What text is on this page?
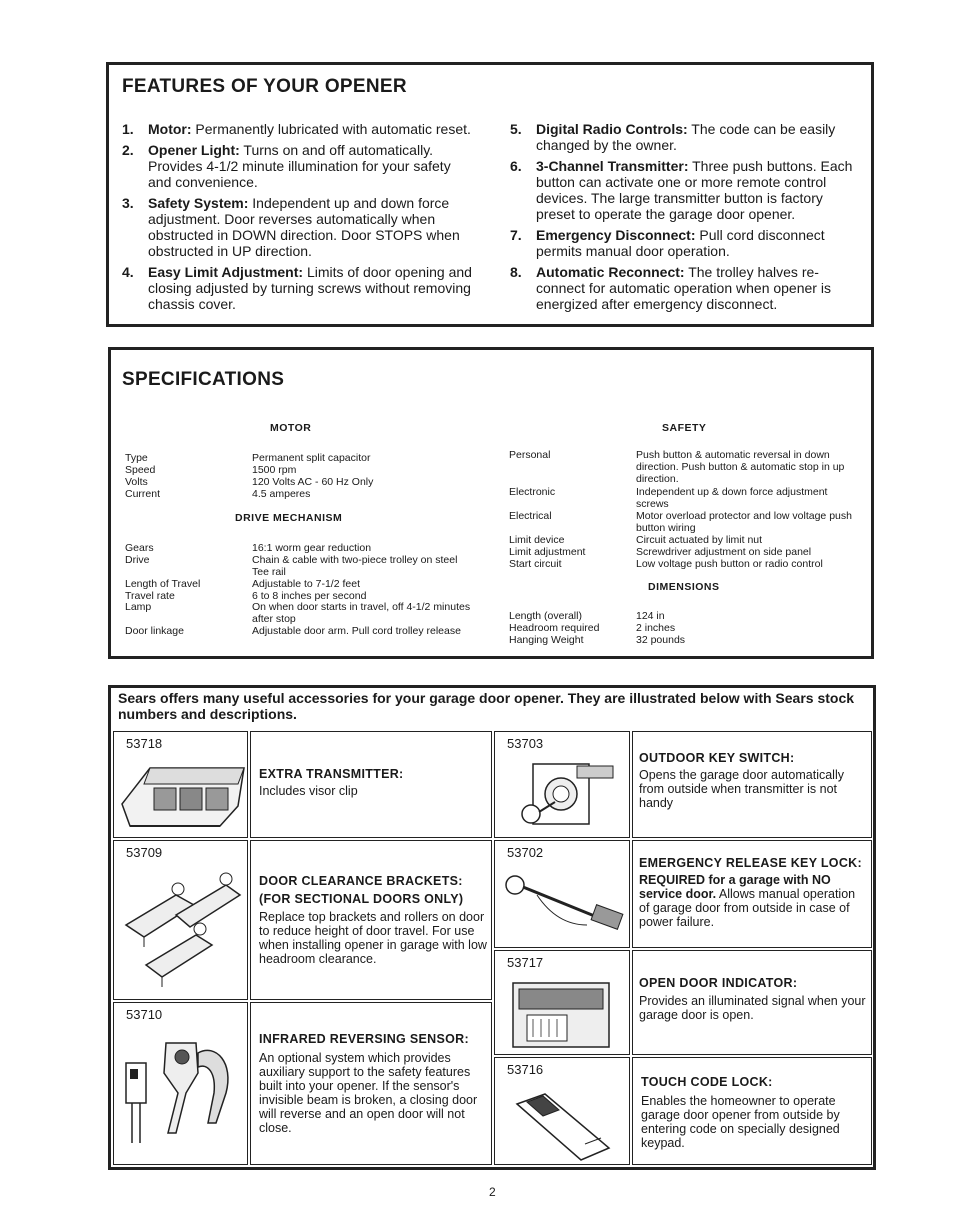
FEATURES OF YOUR OPENER
1. Motor: Permanently lubricated with automatic reset.
2. Opener Light: Turns on and off automatically. Provides 4-1/2 minute illumination for your safety and convenience.
3. Safety System: Independent up and down force adjustment. Door reverses automatically when obstructed in DOWN direction. Door STOPS when obstructed in UP direction.
4. Easy Limit Adjustment: Limits of door opening and closing adjusted by turning screws without removing chassis cover.
5. Digital Radio Controls: The code can be easily changed by the owner.
6. 3-Channel Transmitter: Three push buttons. Each button can activate one or more remote control devices. The large transmitter button is factory preset to operate the garage door opener.
7. Emergency Disconnect: Pull cord disconnect permits manual door operation.
8. Automatic Reconnect: The trolley halves re-connect for automatic operation when opener is energized after emergency disconnect.
SPECIFICATIONS
MOTOR
Type	Permanent split capacitor
Speed	1500 rpm
Volts	120 Volts AC - 60 Hz Only
Current	4.5 amperes
DRIVE MECHANISM
Gears	16:1 worm gear reduction
Drive	Chain & cable with two-piece trolley on steel Tee rail
Length of Travel	Adjustable to 7-1/2 feet
Travel rate	6 to 8 inches per second
Lamp	On when door starts in travel, off 4-1/2 minutes after stop
Door linkage	Adjustable door arm. Pull cord trolley release
SAFETY
Personal	Push button & automatic reversal in down direction. Push button & automatic stop in up direction.
Electronic	Independent up & down force adjustment screws
Electrical	Motor overload protector and low voltage push button wiring
Limit device	Circuit actuated by limit nut
Limit adjustment	Screwdriver adjustment on side panel
Start circuit	Low voltage push button or radio control
DIMENSIONS
Length (overall)	124 in
Headroom required	2 inches
Hanging Weight	32 pounds
Sears offers many useful accessories for your garage door opener. They are illustrated below with Sears stock numbers and descriptions.
53718
53709
53710
EXTRA TRANSMITTER:
Includes visor clip
DOOR CLEARANCE BRACKETS:
(FOR SECTIONAL DOORS ONLY)
Replace top brackets and rollers on door to reduce height of door travel. For use when installing opener in garage with low headroom clearance.
INFRARED REVERSING SENSOR:
An optional system which provides auxiliary support to the safety features built into your opener. If the sensor's invisible beam is broken, a closing door will reverse and an open door will not close.
53703
53702
53717
53716
OUTDOOR KEY SWITCH:
Opens the garage door automatically from outside when transmitter is not handy
EMERGENCY RELEASE KEY LOCK:
REQUIRED for a garage with NO service door. Allows manual operation of garage door from outside in case of power failure.
OPEN DOOR INDICATOR:
Provides an illuminated signal when your garage door is open.
TOUCH CODE LOCK:
Enables the homeowner to operate garage door opener from outside by entering code on specially designed keypad.
2
